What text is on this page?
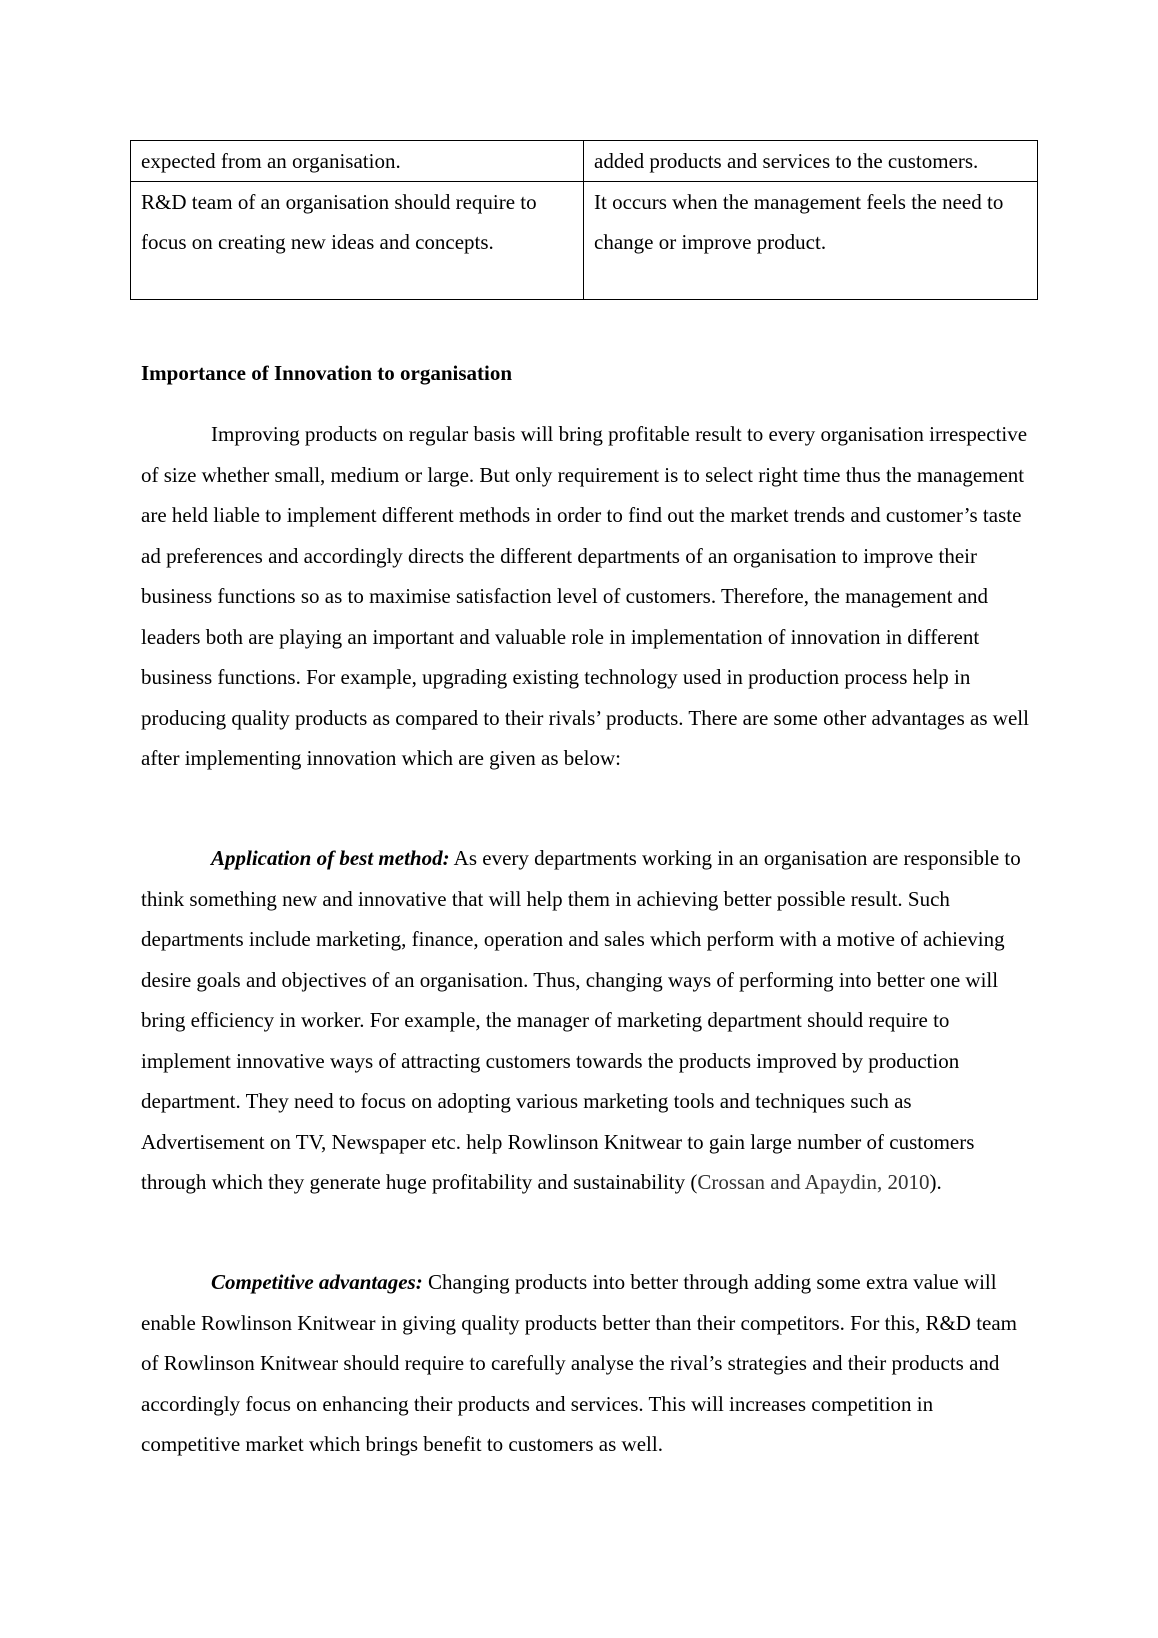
expected from an organisation.	added products and services to the customers.
R&D team of an organisation should require to focus on creating new ideas and concepts.	It occurs when the management feels the need to change or improve product.
Importance of Innovation to organisation

Improving products on regular basis will bring profitable result to every organisation irrespective of size whether small, medium or large. But only requirement is to select right time thus the management are held liable to implement different methods in order to find out the market trends and customer’s taste ad preferences and accordingly directs the different departments of an organisation to improve their business functions so as to maximise satisfaction level of customers. Therefore, the management and leaders both are playing an important and valuable role in implementation of innovation in different business functions. For example, upgrading existing technology used in production process help in producing quality products as compared to their rivals’ products. There are some other advantages as well after implementing innovation which are given as below:

Application of best method: As every departments working in an organisation are responsible to think something new and innovative that will help them in achieving better possible result. Such departments include marketing, finance, operation and sales which perform with a motive of achieving desire goals and objectives of an organisation. Thus, changing ways of performing into better one will bring efficiency in worker. For example, the manager of marketing department should require to implement innovative ways of attracting customers towards the products improved by production department. They need to focus on adopting various marketing tools and techniques such as Advertisement on TV, Newspaper etc. help Rowlinson Knitwear to gain large number of customers through which they generate huge profitability and sustainability (Crossan and Apaydin, 2010).

Competitive advantages: Changing products into better through adding some extra value will enable Rowlinson Knitwear in giving quality products better than their competitors. For this, R&D team of Rowlinson Knitwear should require to carefully analyse the rival’s strategies and their products and accordingly focus on enhancing their products and services. This will increases competition in competitive market which brings benefit to customers as well.
